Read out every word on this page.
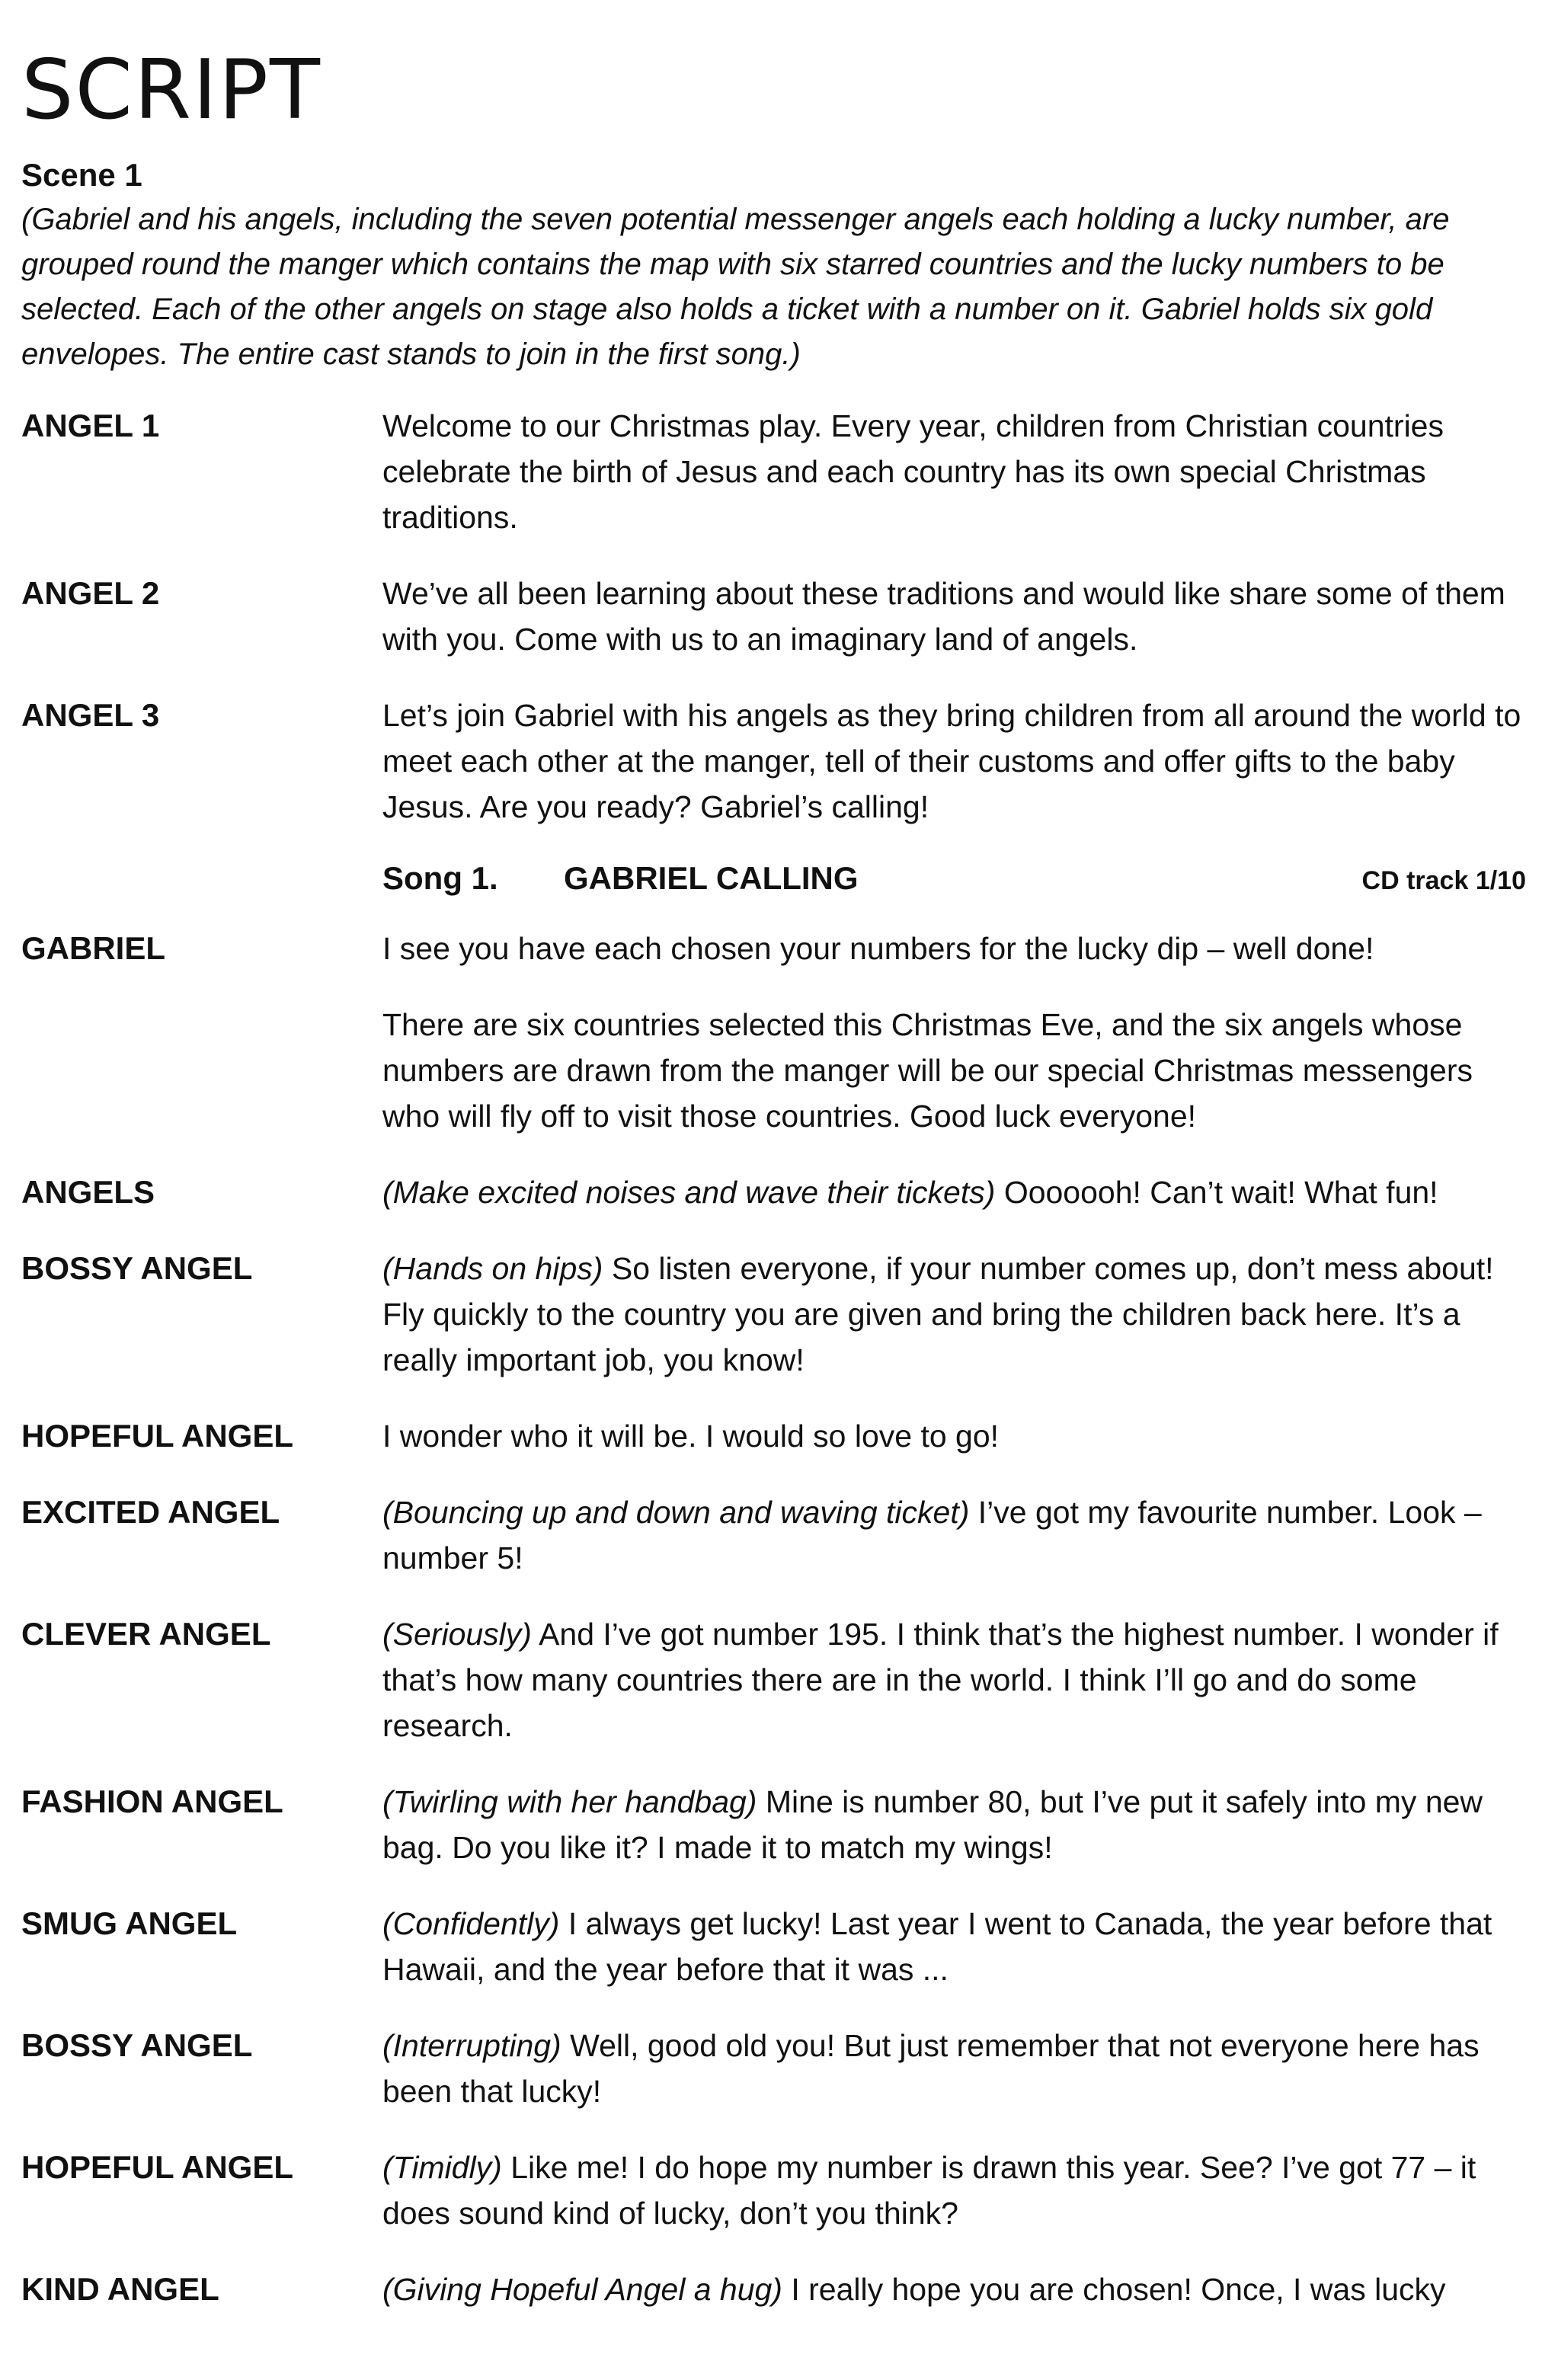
SCRIPT

Scene 1

(Gabriel and his angels, including the seven potential messenger angels each holding a lucky number, are grouped round the manger which contains the map with six starred countries and the lucky numbers to be selected. Each of the other angels on stage also holds a ticket with a number on it. Gabriel holds six gold envelopes. The entire cast stands to join in the first song.)

ANGEL 1	Welcome to our Christmas play. Every year, children from Christian countries celebrate the birth of Jesus and each country has its own special Christmas traditions.
ANGEL 2	We’ve all been learning about these traditions and would like share some of them with you. Come with us to an imaginary land of angels.
ANGEL 3	Let’s join Gabriel with his angels as they bring children from all around the world to meet each other at the manger, tell of their customs and offer gifts to the baby Jesus. Are you ready? Gabriel’s calling!
Song 1.	GABRIEL CALLING	CD track 1/10
GABRIEL	I see you have each chosen your numbers for the lucky dip – well done!
There are six countries selected this Christmas Eve, and the six angels whose numbers are drawn from the manger will be our special Christmas messengers who will fly off to visit those countries. Good luck everyone!
ANGELS	(Make excited noises and wave their tickets) Ooooooh! Can’t wait! What fun!
BOSSY ANGEL	(Hands on hips) So listen everyone, if your number comes up, don’t mess about! Fly quickly to the country you are given and bring the children back here. It’s a really important job, you know!
HOPEFUL ANGEL	I wonder who it will be. I would so love to go!
EXCITED ANGEL	(Bouncing up and down and waving ticket) I’ve got my favourite number. Look – number 5!
CLEVER ANGEL	(Seriously) And I’ve got number 195. I think that’s the highest number. I wonder if that’s how many countries there are in the world. I think I’ll go and do some research.
FASHION ANGEL	(Twirling with her handbag) Mine is number 80, but I’ve put it safely into my new bag. Do you like it? I made it to match my wings!
SMUG ANGEL	(Confidently) I always get lucky! Last year I went to Canada, the year before that Hawaii, and the year before that it was ...
BOSSY ANGEL	(Interrupting) Well, good old you! But just remember that not everyone here has been that lucky!
HOPEFUL ANGEL	(Timidly) Like me! I do hope my number is drawn this year. See? I’ve got 77 – it does sound kind of lucky, don’t you think?
KIND ANGEL	(Giving Hopeful Angel a hug) I really hope you are chosen! Once, I was lucky
